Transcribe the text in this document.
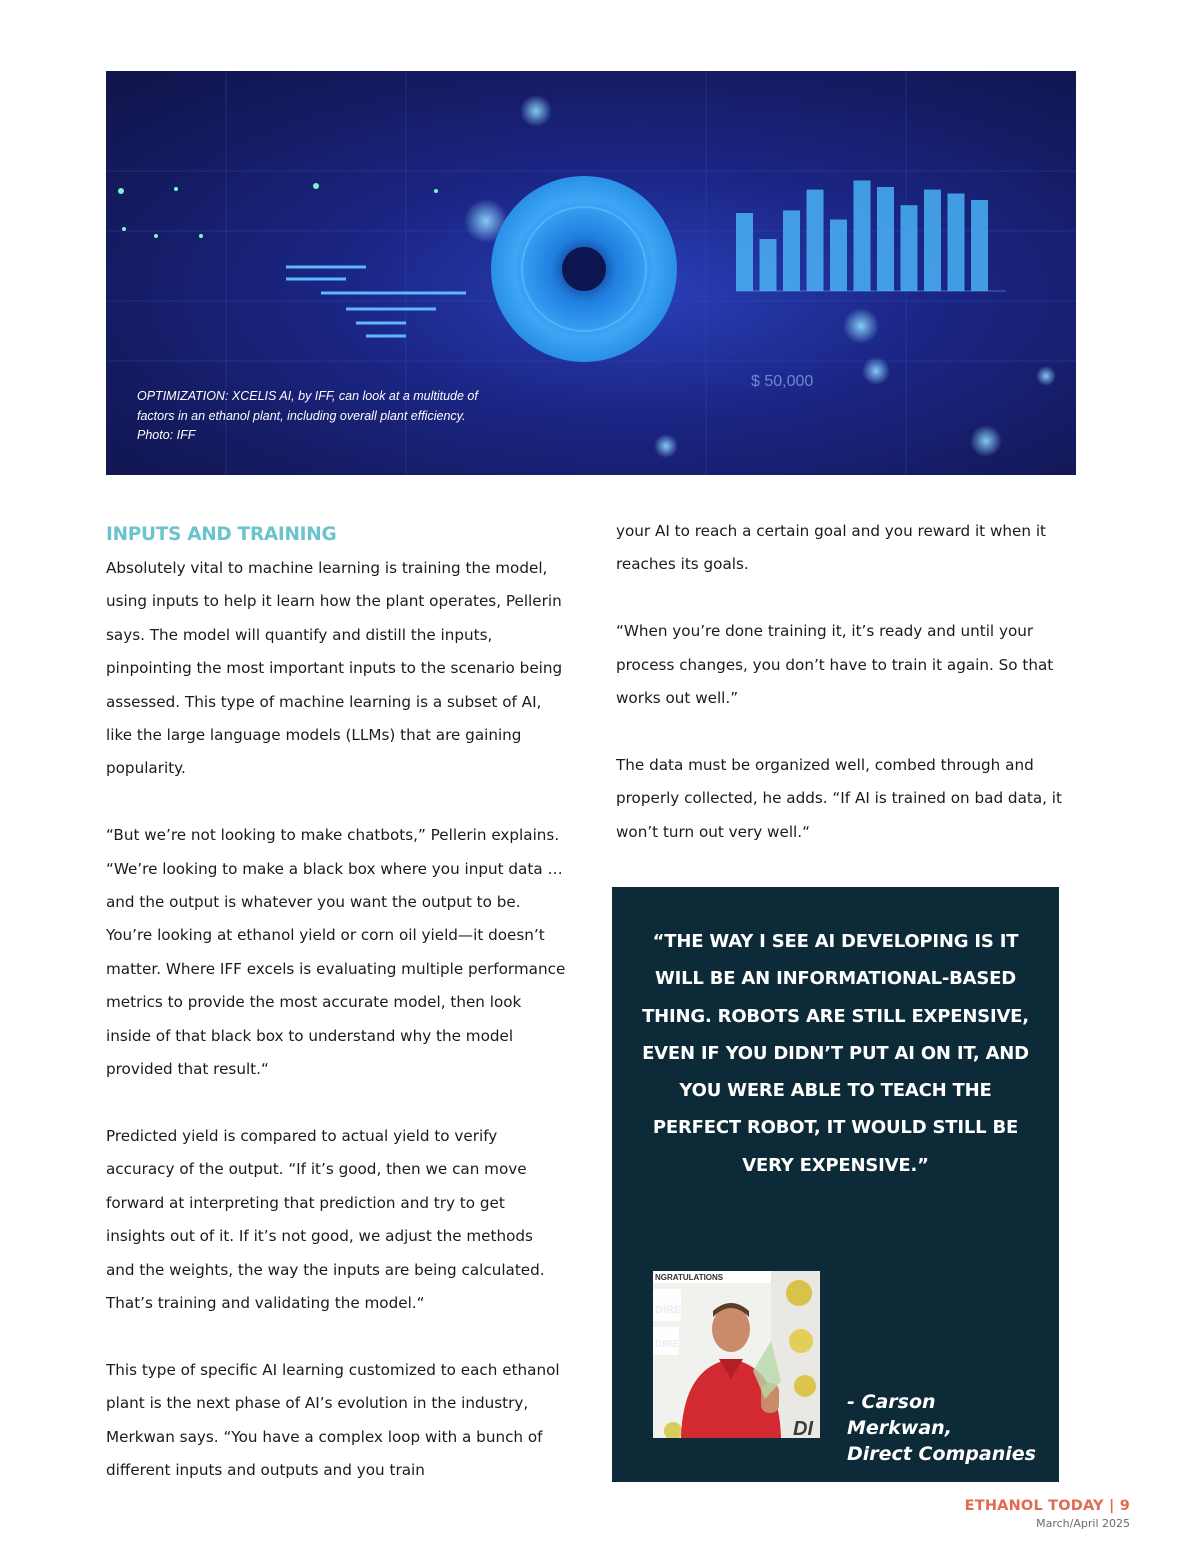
$ 50,000
OPTIMIZATION: XCELIS AI, by IFF, can look at a multitude of
factors in an ethanol plant, including overall plant efficiency.
Photo: IFF
INPUTS AND TRAINING

Absolutely vital to machine learning is training the model, using inputs to help it learn how the plant operates, Pellerin says. The model will quantify and distill the inputs, pinpointing the most important inputs to the scenario being assessed. This type of machine learning is a subset of AI, like the large language models (LLMs) that are gaining popularity.

“But we’re not looking to make chatbots,” Pellerin explains. “We’re looking to make a black box where you input data … and the output is whatever you want the output to be. You’re looking at ethanol yield or corn oil yield—it doesn’t matter. Where IFF excels is evaluating multiple performance metrics to provide the most accurate model, then look inside of that black box to understand why the model provided that result.“

Predicted yield is compared to actual yield to verify accuracy of the output. “If it’s good, then we can move forward at interpreting that prediction and try to get insights out of it. If it’s not good, we adjust the methods and the weights, the way the inputs are being calculated. That’s training and validating the model.“

This type of specific AI learning customized to each ethanol plant is the next phase of AI’s evolution in the industry, Merkwan says. “You have a complex loop with a bunch of different inputs and outputs and you train

your AI to reach a certain goal and you reward it when it reaches its goals.

“When you’re done training it, it’s ready and until your process changes, you don’t have to train it again. So that works out well.”

The data must be organized well, combed through and properly collected, he adds. “If AI is trained on bad data, it won’t turn out very well.“

“THE WAY I SEE AI DEVELOPING IS IT WILL BE AN INFORMATIONAL-BASED THING. ROBOTS ARE STILL EXPENSIVE, EVEN IF YOU DIDN’T PUT AI ON IT, AND YOU WERE ABLE TO TEACH THE PERFECT ROBOT, IT WOULD STILL BE VERY EXPENSIVE.”
NGRATULATIONS
DI
- Carson Merkwan,
Direct Companies
ETHANOL TODAY | 9
March/April 2025
